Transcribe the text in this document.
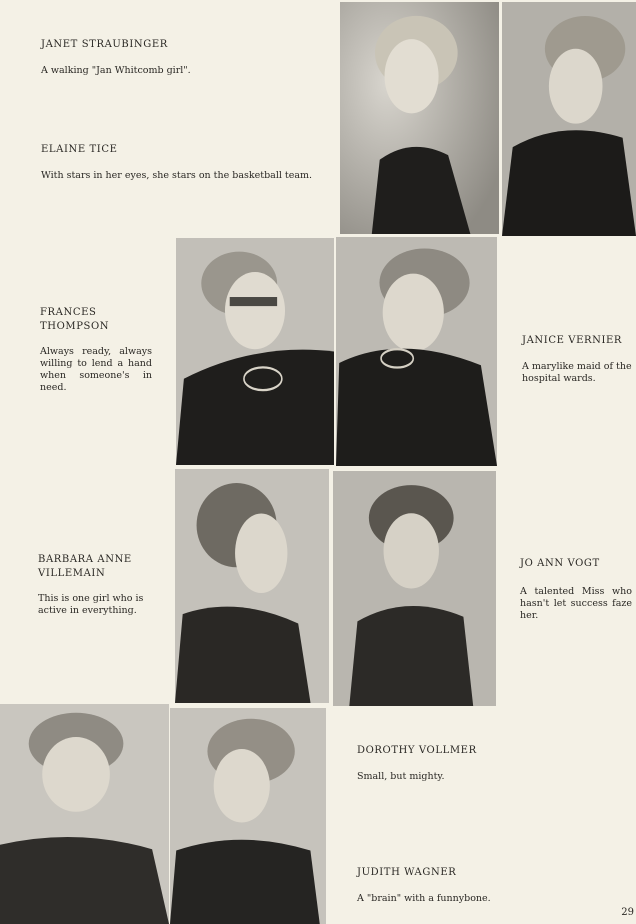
JANET STRAUBINGER
A walking "Jan Whitcomb girl".
ELAINE TICE
With stars in her eyes, she stars on the basketball team.
FRANCES THOMPSON
Always ready, always willing to lend a hand when someone's in need.
JANICE VERNIER
A marylike maid of the hospital wards.
BARBARA ANNE VILLEMAIN
This is one girl who is active in everything.
JO ANN VOGT
A talented Miss who hasn't let success faze her.
DOROTHY VOLLMER
Small, but mighty.
JUDITH WAGNER
A "brain" with a funnybone.
29
